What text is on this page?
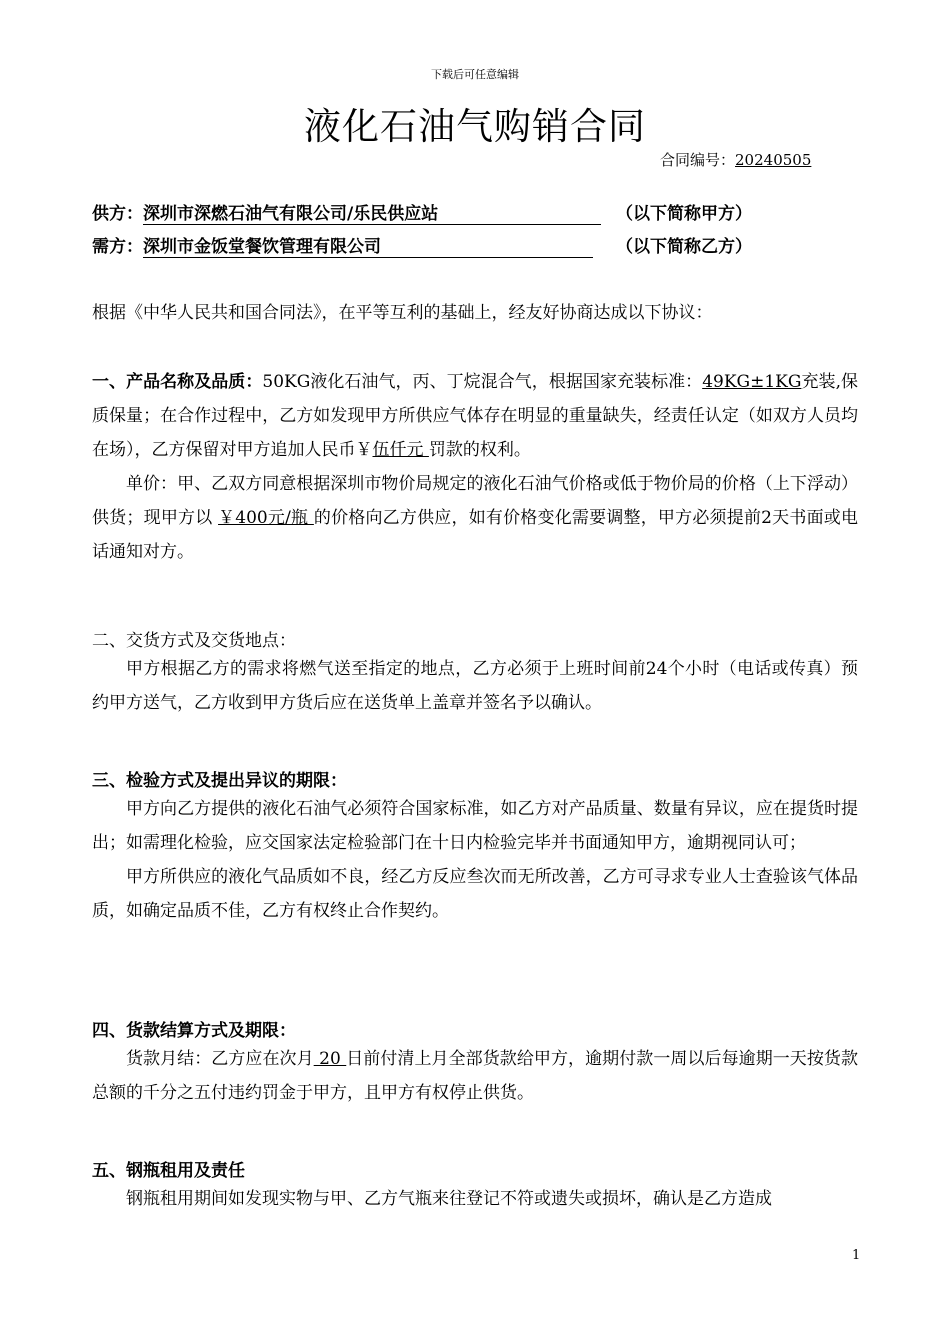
下载后可任意编辑
液化石油气购销合同
合同编号：20240505
供方：深圳市深燃石油气有限公司/乐民供应站	（以下简称甲方）
需方：深圳市金饭堂餐饮管理有限公司	（以下简称乙方）

根据《中华人民共和国合同法》，在平等互利的基础上，经友好协商达成以下协议：

一、产品名称及品质：50KG液化石油气，丙、丁烷混合气，根据国家充装标准：49KG±1KG充装,保质保量；在合作过程中，乙方如发现甲方所供应气体存在明显的重量缺失，经责任认定（如双方人员均在场），乙方保留对甲方追加人民币￥伍仟元 罚款的权利。

单价：甲、乙双方同意根据深圳市物价局规定的液化石油气价格或低于物价局的价格（上下浮动）供货；现甲方以 ￥400元/瓶 的价格向乙方供应，如有价格变化需要调整，甲方必须提前2天书面或电话通知对方。

二、交货方式及交货地点：

甲方根据乙方的需求将燃气送至指定的地点，乙方必须于上班时间前24个小时（电话或传真）预约甲方送气，乙方收到甲方货后应在送货单上盖章并签名予以确认。

三、检验方式及提出异议的期限：

甲方向乙方提供的液化石油气必须符合国家标准，如乙方对产品质量、数量有异议，应在提货时提出；如需理化检验，应交国家法定检验部门在十日内检验完毕并书面通知甲方，逾期视同认可；

甲方所供应的液化气品质如不良，经乙方反应叁次而无所改善，乙方可寻求专业人士查验该气体品质，如确定品质不佳，乙方有权终止合作契约。

四、货款结算方式及期限：

货款月结：乙方应在次月 20 日前付清上月全部货款给甲方，逾期付款一周以后每逾期一天按货款总额的千分之五付违约罚金于甲方，且甲方有权停止供货。

五、钢瓶租用及责任

钢瓶租用期间如发现实物与甲、乙方气瓶来往登记不符或遗失或损坏，确认是乙方造成

1
